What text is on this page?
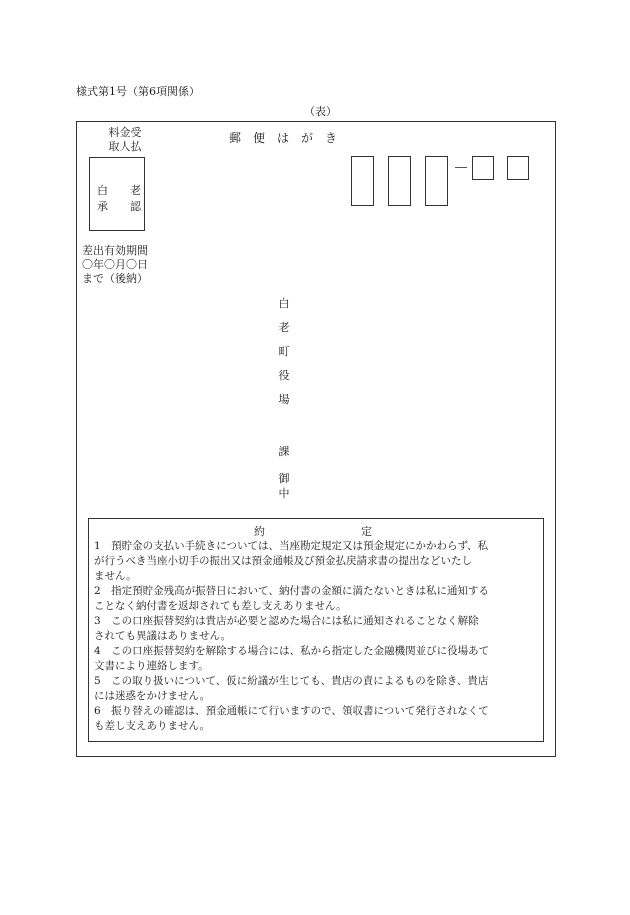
様式第1号（第6項関係）
（表）
料金受
取人払
白 老
承 認
郵便はがき
差出有効期間
〇年〇月〇日
まで（後納）
白
老
町
役
場
課
御
中
約	定
1　預貯金の支払い手続きについては、当座勘定規定又は預金規定にかかわらず、私
が行うべき当座小切手の振出又は預金通帳及び預金払戻請求書の提出などいたし
ません。
2　指定預貯金残高が振替日において、納付書の金額に満たないときは私に通知する
ことなく納付書を返却されても差し支えありません。
3　この口座振替契約は貴店が必要と認めた場合には私に通知されることなく解除
されても異議はありません。
4　この口座振替契約を解除する場合には、私から指定した金融機関並びに役場あて
文書により連絡します。
5　この取り扱いについて、仮に紛議が生じても、貴店の責によるものを除き、貴店
には迷惑をかけません。
6　振り替えの確認は、預金通帳にて行いますので、領収書について発行されなくて
も差し支えありません。
